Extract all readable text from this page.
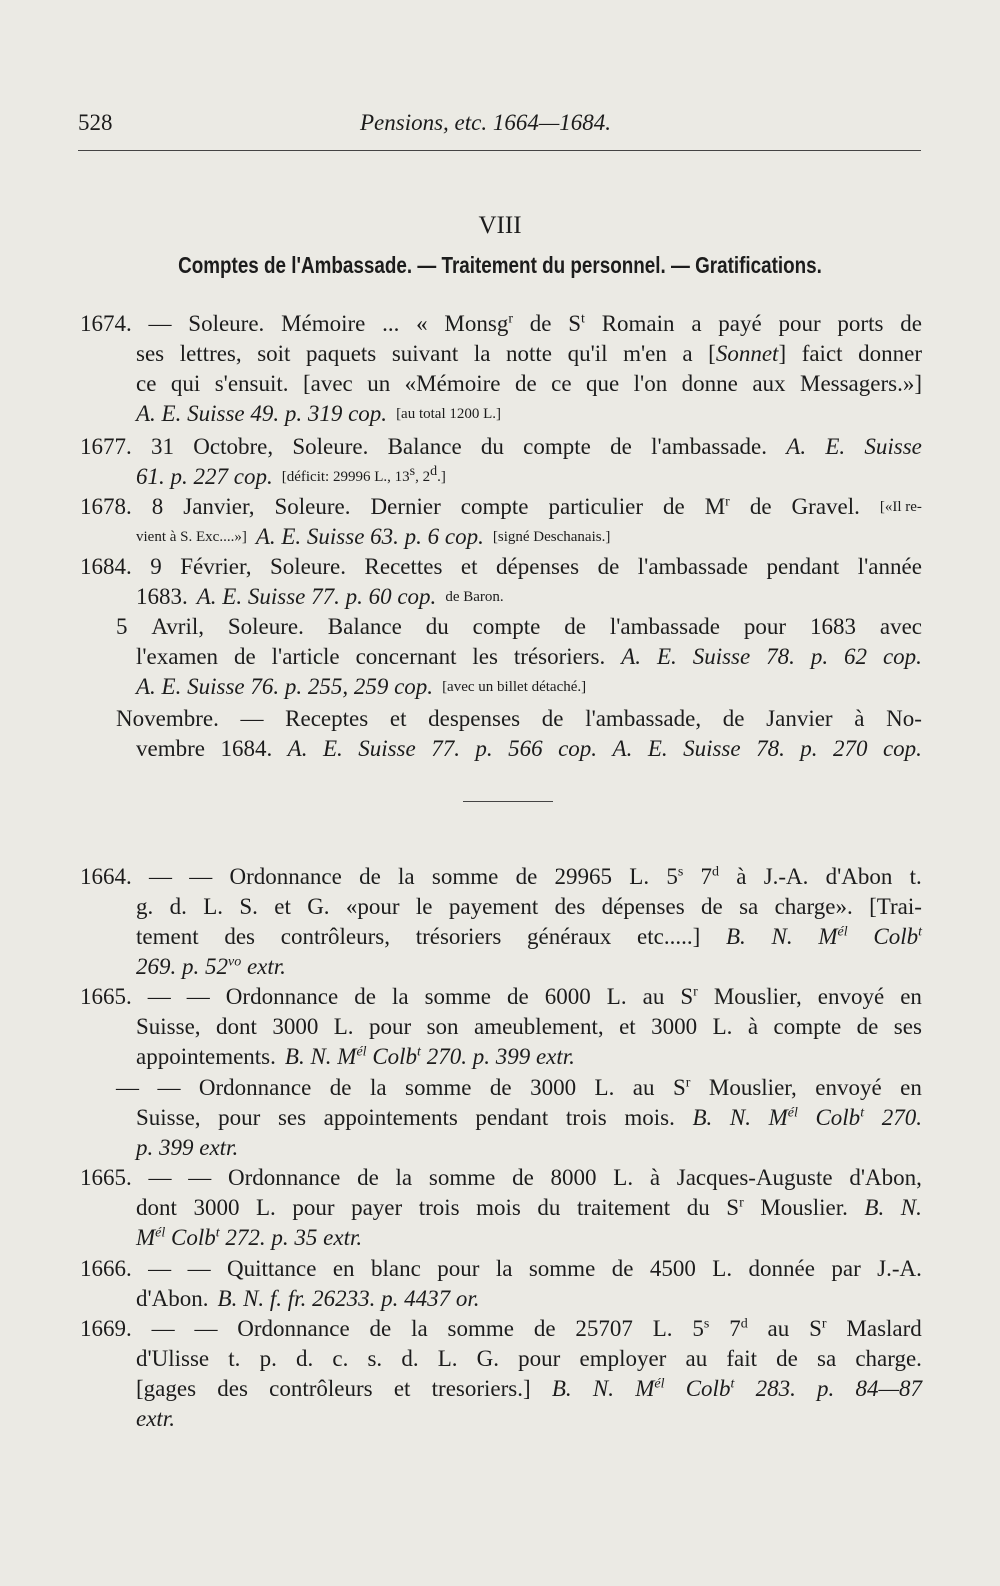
528	Pensions, etc. 1664—1684.
VIII
Comptes de l'Ambassade. — Traitement du personnel. — Gratifications.
1674. — Soleure. Mémoire ... « Monsg$^r$ de $S^t$ Romain a payé pour ports de
ses lettres, soit paquets suivant la notte qu'il m'en a [Sonnet] faict donner
ce qui s'ensuit. [avec un «Mémoire de ce que l'on donne aux Messagers.»]
A. E. Suisse 49. p. 319 cop. [au total 1200 L.]
1677. 31 Octobre, Soleure. Balance du compte de l'ambassade. A. E. Suisse
61. p. 227 cop. [déficit: 29996 L., 13$^s$, 2$^d$.]
1678. 8 Janvier, Soleure. Dernier compte particulier de $M^r$ de Gravel. [«Il re-
vient à S. Exc....»] A. E. Suisse 63. p. 6 cop. [signé Deschanais.]
1684. 9 Février, Soleure. Recettes et dépenses de l'ambassade pendant l'année
1683. A. E. Suisse 77. p. 60 cop. de Baron.
5 Avril, Soleure. Balance du compte de l'ambassade pour 1683 avec
l'examen de l'article concernant les trésoriers. A. E. Suisse 78. p. 62 cop.
A. E. Suisse 76. p. 255, 259 cop. [avec un billet détaché.]
Novembre. — Receptes et despenses de l'ambassade, de Janvier à No-
vembre 1684. A. E. Suisse 77. p. 566 cop. A. E. Suisse 78. p. 270 cop.
1664. — — Ordonnance de la somme de 29965 L. 5$^s$ 7$^d$ à J.-A. d'Abon t.
g. d. L. S. et G. «pour le payement des dépenses de sa charge». [Trai-
tement des contrôleurs, trésoriers généraux etc.....] B. N. $M^{él}$ Colb$^t$
269. p. $52^{vo}$ extr.
1665. — — Ordonnance de la somme de 6000 L. au $S^r$ Mouslier, envoyé en
Suisse, dont 3000 L. pour son ameublement, et 3000 L. à compte de ses
appointements. B. N. $M^{él}$ Colb$^t$ 270. p. 399 extr.
— — Ordonnance de la somme de 3000 L. au $S^r$ Mouslier, envoyé en
Suisse, pour ses appointements pendant trois mois. B. N. $M^{él}$ Colb$^t$ 270.
p. 399 extr.
1665. — — Ordonnance de la somme de 8000 L. à Jacques-Auguste d'Abon,
dont 3000 L. pour payer trois mois du traitement du $S^r$ Mouslier. B. N.
$M^{él}$ Colb$^t$ 272. p. 35 extr.
1666. — — Quittance en blanc pour la somme de 4500 L. donnée par J.-A.
d'Abon. B. N. f. fr. 26233. p. 4437 or.
1669. — — Ordonnance de la somme de 25707 L. 5$^s$ 7$^d$ au $S^r$ Maslard
d'Ulisse t. p. d. c. s. d. L. G. pour employer au fait de sa charge.
[gages des contrôleurs et tresoriers.] B. N. $M^{él}$ Colb$^t$ 283. p. 84—87
extr.
